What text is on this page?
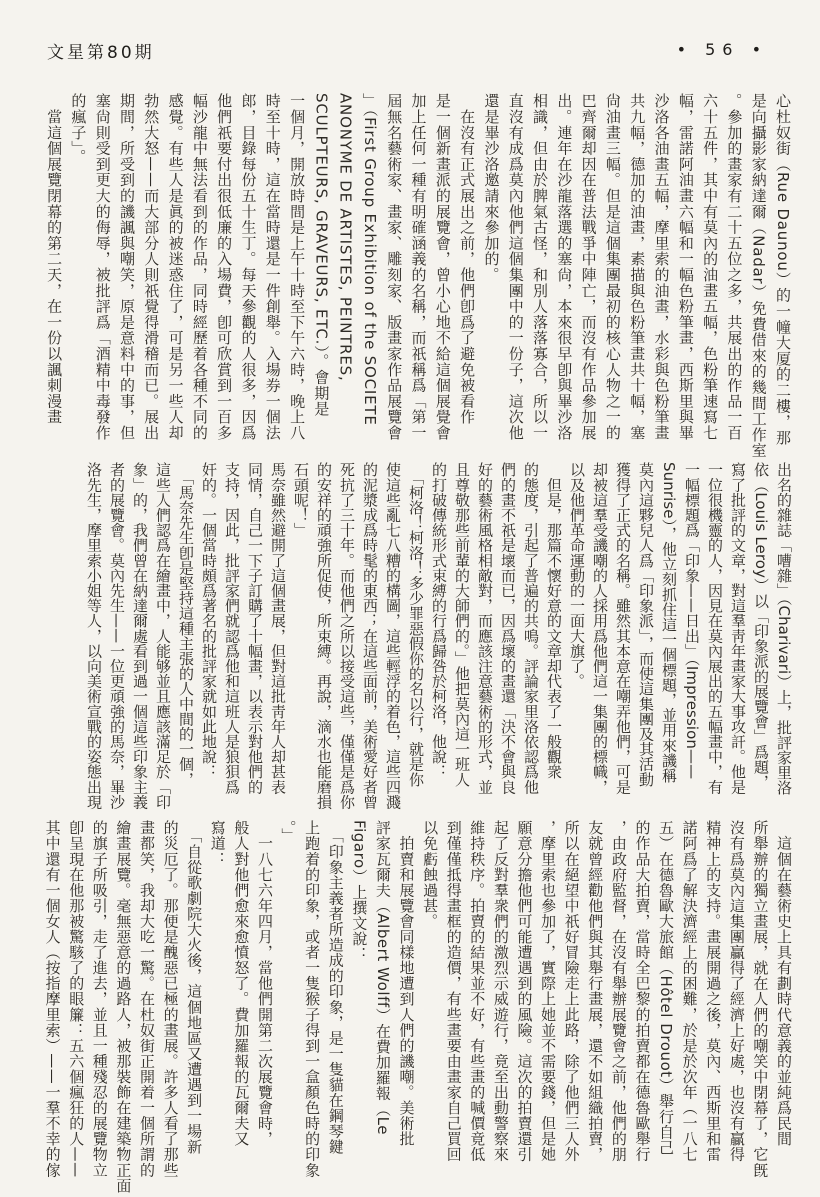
文星第80期	• 56 •
心杜奴街（Rue Daunou）的一幢大厦的二樓，那
是向攝影家納達爾（Nadar）免費借來的幾間工作室
。參加的畫家有二十五位之多，共展出的作品一百
六十五件，其中有莫內的油畫五幅，色粉筆速寫七
幅，雷諾阿油畫六幅和一幅色粉筆畫，西斯里與畢
沙洛各油畫五幅，摩里索的油畫，水彩與色粉筆畫
共九幅，德加的油畫，素描與色粉筆畫共十幅，塞
尙油畫三幅。但是這個集團最初的核心人物之一的
巴齊爾却因在普法戰爭中陣亡，而沒有作品參加展
出。連年在沙龍落選的塞尙，本來很早卽與畢沙洛
相識，但由於脾氣古怪，和別人落落寡合，所以一
直沒有成爲莫內他們這個集團中的一份子，這次他
還是畢沙洛邀請來參加的。
　在沒有正式展出之前，他們卽爲了避免被看作
是一個新畫派的展覽會，曾小心地不給這個展覺會
加上任何一種有明確涵義的名稱，而祇稱爲「第一
屆無名藝術家、畫家、雕刻家、版畫家作品展覽會
」（First Group Exhibition of the SOCIETE
ANONYME DE ARTISTES, PEINTRES,
SCULPTEURS, GRAVEURS, ETC.）。會期是
一個月，開放時間是上午十時至下午六時，晚上八
時至十時，這在當時還是一件創舉。入場券一個法
郎，目錄每份五十生丁。每天參觀的人很多，因爲
他們祇要付出很低廉的入場費，卽可欣賞到一百多
幅沙龍中無法看到的作品，同時經歷着各種不同的
感覺。有些人是眞的被迷惑住了，可是另一些人却
勃然大怒——而大部分人則祇覺得滑稽而已。展出
期間，所受到的譏諷與嘲笑，原是意料中的事，但
塞尙則受到更大的侮辱，被批評爲「酒精中毒發作
的瘋子」。
　當這個展覽閉幕的第二天，在一份以諷刺漫畫
出名的雜誌「嘈雜」（Charivari）上，批評家里洛
依（Louis Leroy）以「印象派的展覽會」爲題，
寫了批評的文章，對這羣靑年畫家大事攻訐。他是
一位很機靈的人，因見在莫內展出的五幅畫中，有
一幅標題爲「印象——日出」（Impression——
Sunrise），他立刻抓住這一個標題，並用來譏稱
莫內這夥兒人爲「印象派」，而使這集團及其活動
獲得了正式的名稱。雖然其本意在嘲弄他們，可是
却被這羣受譏嘲的人採用爲他們這一集團的標幟，
以及他們革命運動的一面大旗了。
　但是，那篇不懷好意的文章却代表了一般觀衆
的態度，引起了普遍的共鳴。評論家里洛依認爲他
們的畫不祇是壞而已，因爲壞的畫還「決不會與良
好的藝術風格相敵對，而應該注意藝術的形式，並
且尊敬那些前輩的大師們的。」他把莫內這一班人
的打破傳統形式束縛的行爲歸咎於柯洛，他說：
　「柯洛！柯洛！多少罪惡假你的名以行，就是你
使這些亂七八糟的構圖，這些輕浮的着色，這些四濺
的泥漿成爲時髦的東西；在這些面前，美術愛好者曾
死抗了三十年。而他們之所以接受這些，僅僅是爲你
的安祥的頑強所促使，所束縛。再說，滴水也能磨損
石頭呢！」
馬奈雖然避開了這個畫展，但對這批靑年人却甚表
同情，自己一下子訂購了十幅畫，以表示對他們的
支持，因此，批評家們就認爲他和這班人是狼狽爲
奸的。一個當時頗爲著名的批評家就如此地說：
　「馬奈先生卽是堅持這種主張的人中間的一個，
這些人們認爲在繪畫中，人能够並且應該滿足於「印
象」的，我們曾在納達爾處看到過一個這些印象主義
者的展覽會。莫內先生——一位更頑強的馬奈，畢沙
洛先生，摩里索小姐等人，以向美術宣戰的姿態出現
　這個在藝術史上具有劃時代意義的並純爲民間
所舉辦的獨立畫展，就在人們的嘲笑中閉幕了，它旣
沒有爲莫內這集團贏得了經濟上好處，也沒有贏得
精神上的支持。畫展開過之後，莫內、西斯里和雷
諾阿爲了解決濟經上的困難，於是於次年（一八七
五）在德魯歐大旅館（Hôtel Drouot）舉行自己
的作品大拍賣，當時全巴黎的拍賣都在德魯歐舉行
，由政府監督，在沒有舉辦展覽會之前，他們的朋
友就曾經勸他們與其舉行畫展，還不如組織拍賣，
所以在絕望中祇好冒險走上此路，除了他們三人外
，摩里索也參加了，實際上她並不需要錢，但是她
願意分擔他們可能遭遇到的風險。這次的拍賣還引
起了反對羣衆們的激烈示威遊行，竟至出動警察來
維持秩序。拍賣的結果並不好，有些畫的喊價竟低
到僅僅抵得畫框的造價，有些畫要由畫家自己買回
以免虧蝕過甚。
　拍賣和展覽會同樣地遭到人們的譏嘲。美術批
評家瓦爾夫（Albert Wolff）在費加羅報（Le
Figaro）上撰文說：
　「印象主義者所造成的印象，是一隻貓在鋼琴鍵
上跑着的印象，或者一隻猴子得到一盒顏色時的印象
。」
　一八七六年四月，當他們開第二次展覽會時，
般人對他們愈來愈憤怒了。費加羅報的瓦爾夫又
寫道：
　「自從歌劇院大火後，這個地區又遭遇到一場新
的災厄了。那便是醜惡已極的畫展。許多人看了那些
畫都笑，我却大吃一驚。在杜奴街正開着一個所謂的
繪畫展覽。毫無惡意的過路人，被那裝飾在建築物正面
的旗子所吸引，走了進去，並且一種殘忍的展覽物立
卽呈現在他那被驚駭了的眼簾：五六個瘋狂的人——
其中還有一個女人（按指摩里索）——一羣不幸的傢
